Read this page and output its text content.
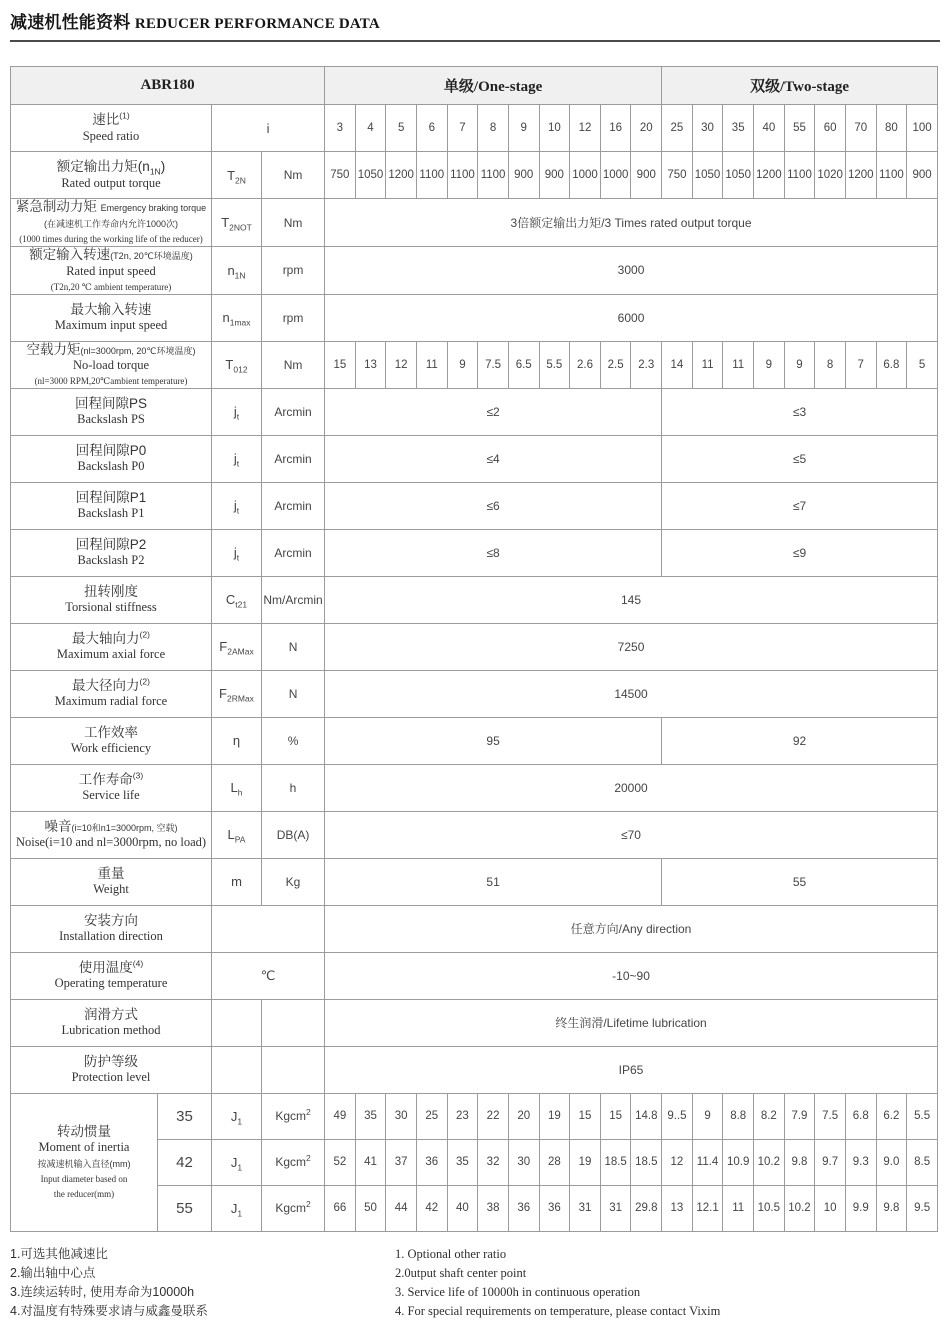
减速机性能资料 REDUCER PERFORMANCE DATA
ABR180				单级/One-stage											双级/Two-stage								

速比$^{(1)}$
Speed ratio		i		3	4	5	6	7	8	9	10	12	16	20	25	30	35	40	55	60	70	80	100

额定输出力矩$(n_{1N})$
Rated output torque		$T_{2N}$	Nm	750	1050	1200	1100	1100	1100	900	900	1000	1000	900	750	1050	1050	1200	1100	1020	1200	1100	900

紧急制动力矩 Emergency braking torque
(在减速机工作寿命内允许1000次)
(1000 times during the working life of the reducer)		$T_{2NOT}$	Nm	3倍额定输出力矩/3 Times rated output torque																			

额定输入转速(T2n, 20℃环境温度)
Rated input speed
(T2n,20 ℃ ambient temperature)		$n_{1N}$	rpm	3000																			

最大输入转速
Maximum input speed		$n_{1max}$	rpm	6000																			

空载力矩(nl=3000rpm, 20℃环境温度)
No-load torque
(nl=3000 RPM,20℃ambient temperature)		$T_{012}$	Nm	15	13	12	11	9	7.5	6.5	5.5	2.6	2.5	2.3	14	11	11	9	9	8	7	6.8	5

回程间隙PS
Backslash PS		$j_t$	Arcmin	≤2											≤3								

回程间隙P0
Backslash P0		$j_t$	Arcmin	≤4											≤5								

回程间隙P1
Backslash P1		$j_t$	Arcmin	≤6											≤7								

回程间隙P2
Backslash P2		$j_t$	Arcmin	≤8											≤9								

扭转刚度
Torsional stiffness		$C_{t21}$	Nm/Arcmin	145																			

最大轴向力$^{(2)}$
Maximum axial force		$F_{2AMax}$	N	7250																			

最大径向力$^{(2)}$
Maximum radial force		$F_{2RMax}$	N	14500																			

工作效率
Work efficiency		η	%	95											92								

工作寿命$^{(3)}$
Service life		$L_h$	h	20000																			

噪音(i=10和n1=3000rpm, 空载)
Noise(i=10 and nl=3000rpm, no load)		$L_{PA}$	DB(A)	≤70																			

重量
Weight		m	Kg	51											55								

安装方向
Installation direction				任意方向/Any direction																			

使用温度$^{(4)}$
Operating temperature		℃		-10~90																			

润滑方式
Lubrication method				终生润滑/Lifetime lubrication																			

防护等级
Protection level				IP65																			

转动惯量
Moment of inertia
按减速机输入直径(mm)
Input diameter based on
the reducer(mm)	35	$J_1$	Kgcm$^2$	49	35	30	25	23	22	20	19	15	15	14.8	9..5	9	8.8	8.2	7.9	7.5	6.8	6.2	5.5
	42	$J_1$	Kgcm$^2$	52	41	37	36	35	32	30	28	19	18.5	18.5	12	11.4	10.9	10.2	9.8	9.7	9.3	9.0	8.5
	55	$J_1$	Kgcm$^2$	66	50	44	42	40	38	36	36	31	31	29.8	13	12.1	11	10.5	10.2	10	9.9	9.8	9.5
1.可选其他减速比
2.输出轴中心点
3.连续运转时, 使用寿命为10000h
4.对温度有特殊要求请与威鑫曼联系
1. Optional other ratio
2.0utput shaft center point
3. Service life of 10000h in continuous operation
4. For special requirements on temperature, please contact Vixim
